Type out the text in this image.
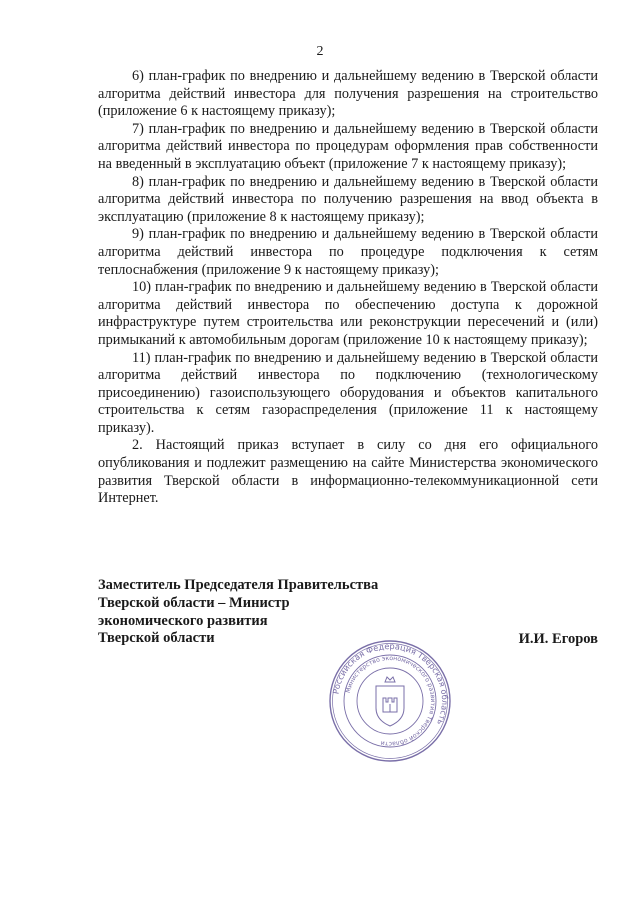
2

6) план-график по внедрению и дальнейшему ведению в Тверской области алгоритма действий инвестора для получения разрешения на строительство (приложение 6 к настоящему приказу);

7) план-график по внедрению и дальнейшему ведению в Тверской области алгоритма действий инвестора по процедурам оформления прав собственности на введенный в эксплуатацию объект (приложение 7 к настоящему приказу);

8) план-график по внедрению и дальнейшему ведению в Тверской области алгоритма действий инвестора по получению разрешения на ввод объекта в эксплуатацию (приложение 8 к настоящему приказу);

9) план-график по внедрению и дальнейшему ведению в Тверской области алгоритма действий инвестора по процедуре подключения к сетям теплоснабжения (приложение 9 к настоящему приказу);

10) план-график по внедрению и дальнейшему ведению в Тверской области алгоритма действий инвестора по обеспечению доступа к дорожной инфраструктуре путем строительства или реконструкции пересечений и (или) примыканий к автомобильным дорогам (приложение 10 к настоящему приказу);

11) план-график по внедрению и дальнейшему ведению в Тверской области алгоритма действий инвестора по подключению (технологическому присоединению) газоиспользующего оборудования и объектов капитального строительства к сетям газораспределения (приложение 11 к настоящему приказу).

2. Настоящий приказ вступает в силу со дня его официального опубликования и подлежит размещению на сайте Министерства экономического развития Тверской области в информационно-телекоммуникационной сети Интернет.

Заместитель Председателя Правительства
Тверской области – Министр
экономического развития
Тверской области	И.И. Егоров
Российская Федерация Тверская область
Министерство экономического развития Тверской области
